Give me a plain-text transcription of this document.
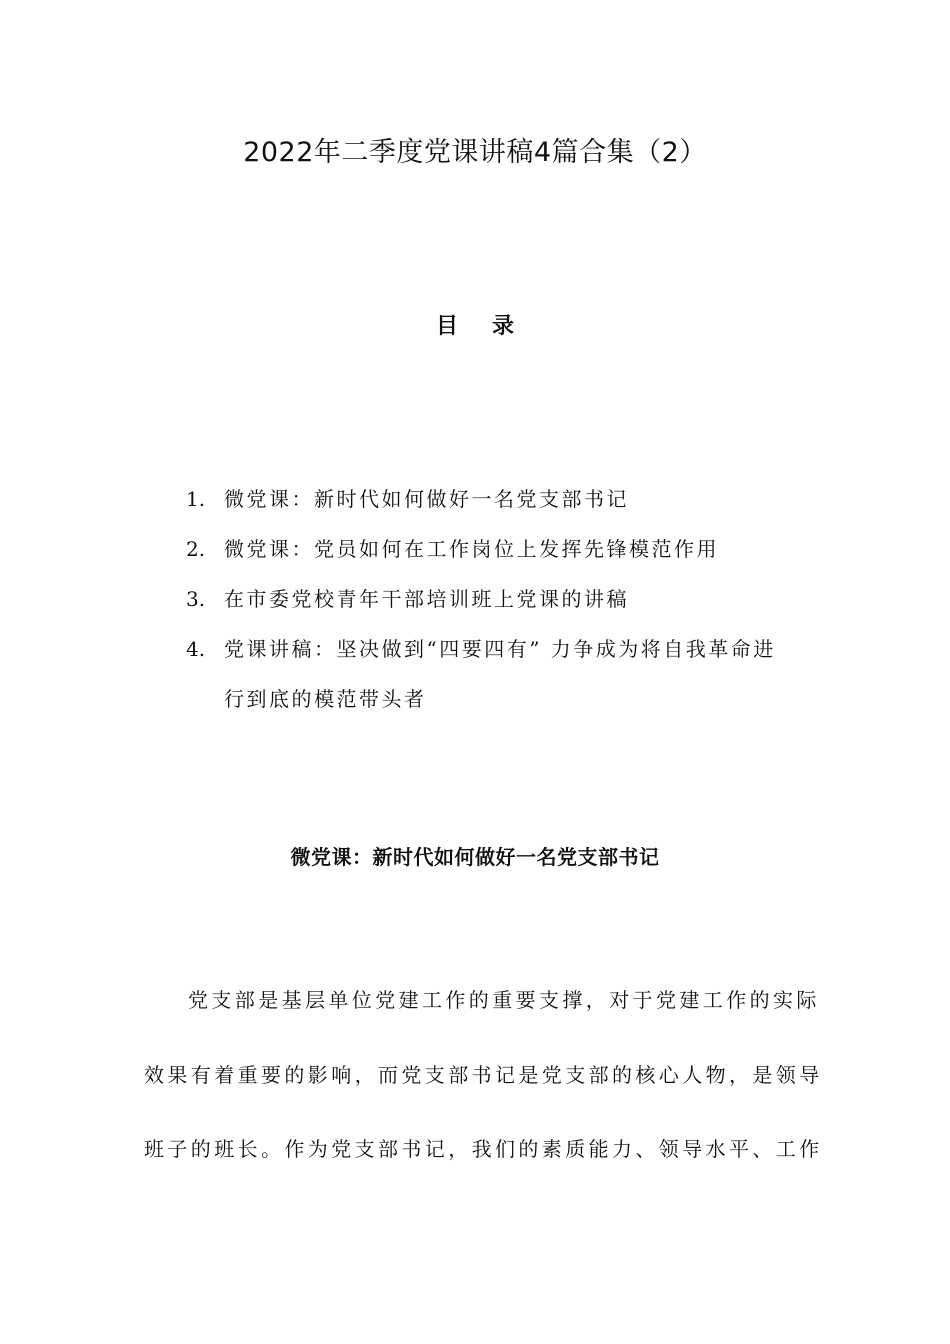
2022年二季度党课讲稿4篇合集（2）
目录
1. 微党课：新时代如何做好一名党支部书记
2. 微党课：党员如何在工作岗位上发挥先锋模范作用
3. 在市委党校青年干部培训班上党课的讲稿
4. 党课讲稿：坚决做到“四要四有” 力争成为将自我革命进
行到底的模范带头者
微党课：新时代如何做好一名党支部书记
党支部是基层单位党建工作的重要支撑，对于党建工作的实际
效果有着重要的影响，而党支部书记是党支部的核心人物，是领导
班子的班长。作为党支部书记，我们的素质能力、领导水平、工作
